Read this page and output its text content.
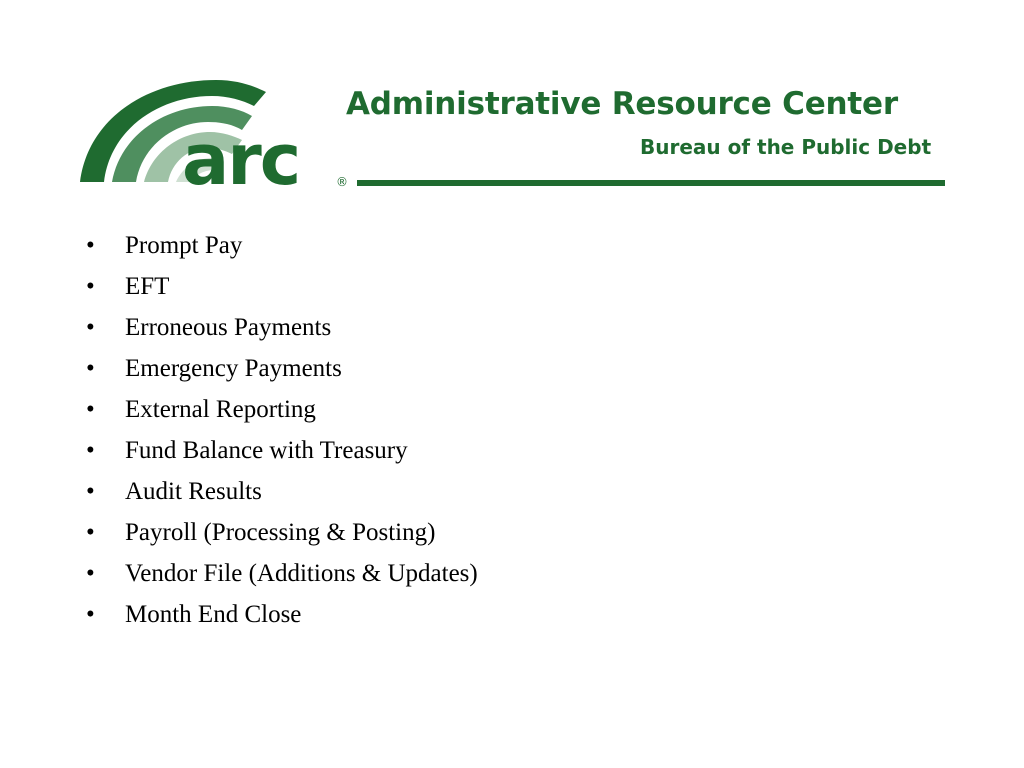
arc	®
Administrative Resource Center
Bureau of the Public Debt
• Prompt Pay
• EFT
• Erroneous Payments
• Emergency Payments
• External Reporting
• Fund Balance with Treasury
• Audit Results
• Payroll (Processing & Posting)
• Vendor File (Additions & Updates)
• Month End Close
